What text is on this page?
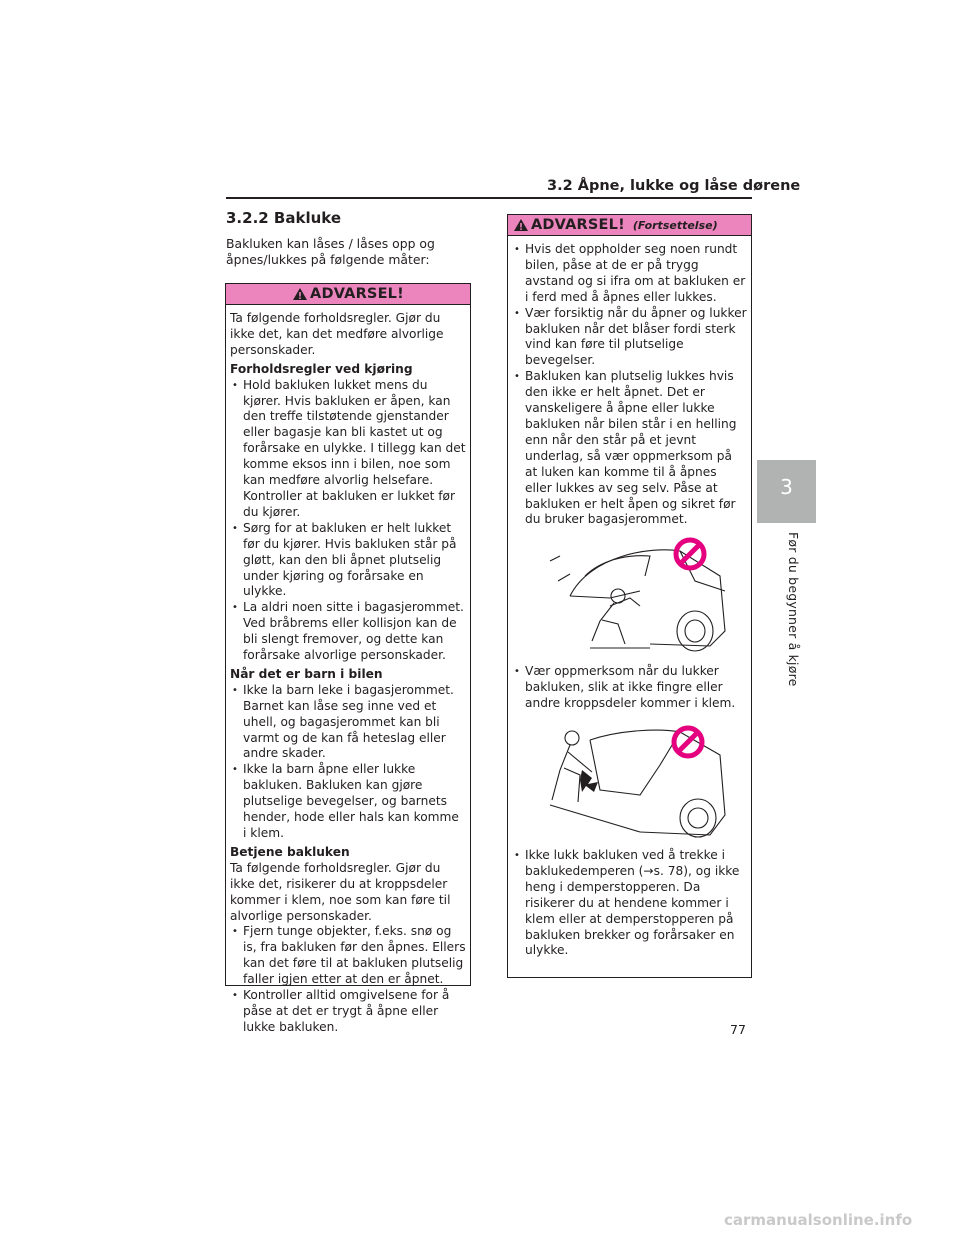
3.2 Åpne, lukke og låse dørene
3.2.2 Bakluke
Bakluken kan låses / låses opp og åpnes/lukkes på følgende måter:
ADVARSEL!

Ta følgende forholdsregler. Gjør du ikke det, kan det medføre alvorlige personskader.

Forholdsregler ved kjøring

• Hold bakluken lukket mens du kjører. Hvis bakluken er åpen, kan den treffe tilstøtende gjenstander eller bagasje kan bli kastet ut og forårsake en ulykke. I tillegg kan det komme eksos inn i bilen, noe som kan medføre alvorlig helsefare. Kontroller at bakluken er lukket før du kjører.

• Sørg for at bakluken er helt lukket før du kjører. Hvis bakluken står på gløtt, kan den bli åpnet plutselig under kjøring og forårsake en ulykke.

• La aldri noen sitte i bagasjerommet. Ved bråbrems eller kollisjon kan de bli slengt fremover, og dette kan forårsake alvorlige personskader.

Når det er barn i bilen

• Ikke la barn leke i bagasjerommet. Barnet kan låse seg inne ved et uhell, og bagasjerommet kan bli varmt og de kan få heteslag eller andre skader.

• Ikke la barn åpne eller lukke bakluken. Bakluken kan gjøre plutselige bevegelser, og barnets hender, hode eller hals kan komme i klem.

Betjene bakluken

Ta følgende forholdsregler. Gjør du ikke det, risikerer du at kroppsdeler kommer i klem, noe som kan føre til alvorlige personskader.

• Fjern tunge objekter, f.eks. snø og is, fra bakluken før den åpnes. Ellers kan det føre til at bakluken plutselig faller igjen etter at den er åpnet.

• Kontroller alltid omgivelsene for å påse at det er trygt å åpne eller lukke bakluken.

ADVARSEL! (Fortsettelse)

• Hvis det oppholder seg noen rundt bilen, påse at de er på trygg avstand og si ifra om at bakluken er i ferd med å åpnes eller lukkes.

• Vær forsiktig når du åpner og lukker bakluken når det blåser fordi sterk vind kan føre til plutselige bevegelser.

• Bakluken kan plutselig lukkes hvis den ikke er helt åpnet. Det er vanskeligere å åpne eller lukke bakluken når bilen står i en helling enn når den står på et jevnt underlag, så vær oppmerksom på at luken kan komme til å åpnes eller lukkes av seg selv. Påse at bakluken er helt åpen og sikret før du bruker bagasjerommet.

• Vær oppmerksom når du lukker bakluken, slik at ikke fingre eller andre kroppsdeler kommer i klem.

• Ikke lukk bakluken ved å trekke i baklukedemperen (→s. 78), og ikke heng i demperstopperen. Da risikerer du at hendene kommer i klem eller at demperstopperen på bakluken brekker og forårsaker en ulykke.

3
Før du begynner å kjøre
77
carmanualsonline.info
